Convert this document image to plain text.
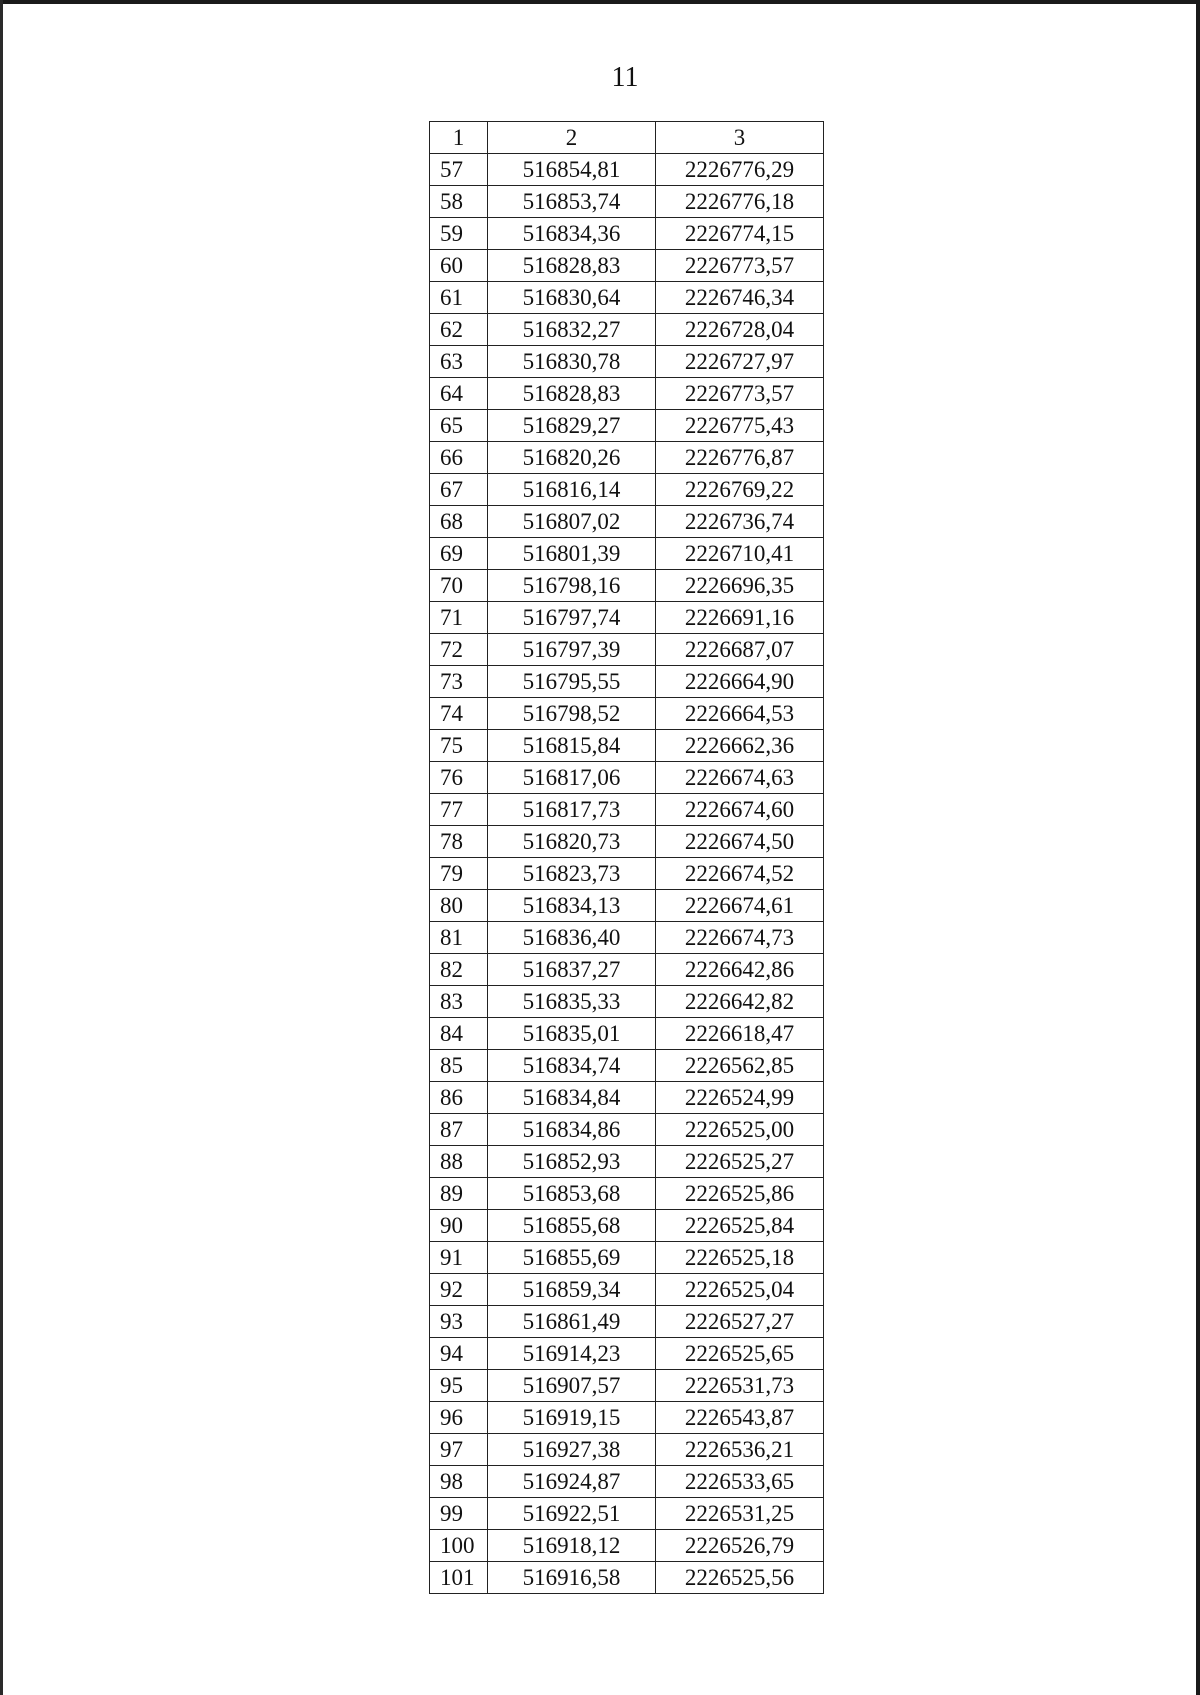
11
1	2	3
57	516854,81	2226776,29
58	516853,74	2226776,18
59	516834,36	2226774,15
60	516828,83	2226773,57
61	516830,64	2226746,34
62	516832,27	2226728,04
63	516830,78	2226727,97
64	516828,83	2226773,57
65	516829,27	2226775,43
66	516820,26	2226776,87
67	516816,14	2226769,22
68	516807,02	2226736,74
69	516801,39	2226710,41
70	516798,16	2226696,35
71	516797,74	2226691,16
72	516797,39	2226687,07
73	516795,55	2226664,90
74	516798,52	2226664,53
75	516815,84	2226662,36
76	516817,06	2226674,63
77	516817,73	2226674,60
78	516820,73	2226674,50
79	516823,73	2226674,52
80	516834,13	2226674,61
81	516836,40	2226674,73
82	516837,27	2226642,86
83	516835,33	2226642,82
84	516835,01	2226618,47
85	516834,74	2226562,85
86	516834,84	2226524,99
87	516834,86	2226525,00
88	516852,93	2226525,27
89	516853,68	2226525,86
90	516855,68	2226525,84
91	516855,69	2226525,18
92	516859,34	2226525,04
93	516861,49	2226527,27
94	516914,23	2226525,65
95	516907,57	2226531,73
96	516919,15	2226543,87
97	516927,38	2226536,21
98	516924,87	2226533,65
99	516922,51	2226531,25
100	516918,12	2226526,79
101	516916,58	2226525,56
